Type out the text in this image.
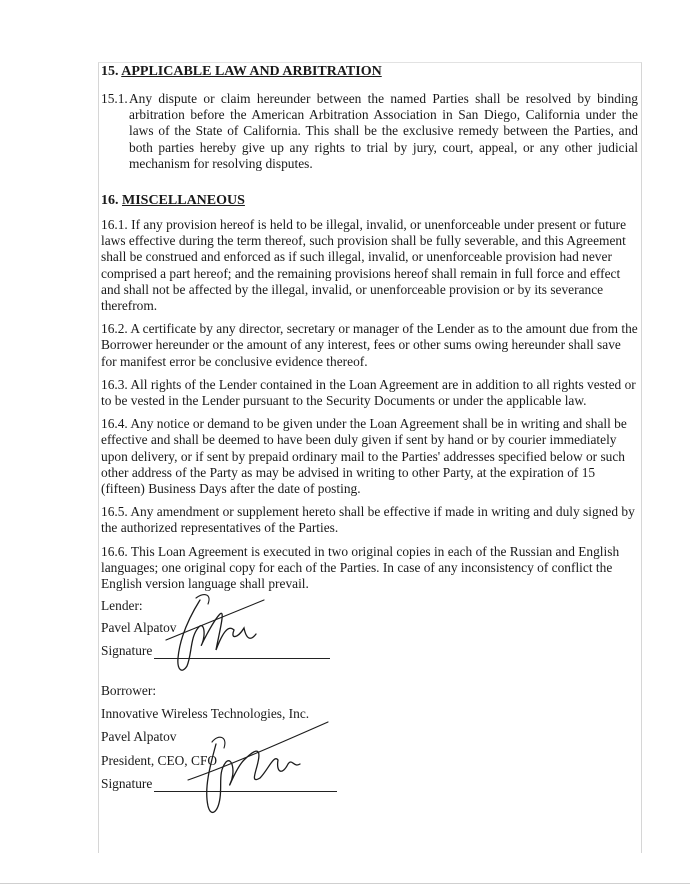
15. APPLICABLE LAW AND ARBITRATION

15.1. Any dispute or claim hereunder between the named Parties shall be resolved by binding arbitration before the American Arbitration Association in San Diego, California under the laws of the State of California. This shall be the exclusive remedy between the Parties, and both parties hereby give up any rights to trial by jury, court, appeal, or any other judicial mechanism for resolving disputes.

16. MISCELLANEOUS

16.1. If any provision hereof is held to be illegal, invalid, or unenforceable under present or future laws effective during the term thereof, such provision shall be fully severable, and this Agreement shall be construed and enforced as if such illegal, invalid, or unenforceable provision had never comprised a part hereof; and the remaining provisions hereof shall remain in full force and effect and shall not be affected by the illegal, invalid, or unenforceable provision or by its severance therefrom.

16.2. A certificate by any director, secretary or manager of the Lender as to the amount due from the Borrower hereunder or the amount of any interest, fees or other sums owing hereunder shall save for manifest error be conclusive evidence thereof.

16.3. All rights of the Lender contained in the Loan Agreement are in addition to all rights vested or to be vested in the Lender pursuant to the Security Documents or under the applicable law.

16.4. Any notice or demand to be given under the Loan Agreement shall be in writing and shall be effective and shall be deemed to have been duly given if sent by hand or by courier immediately upon delivery, or if sent by prepaid ordinary mail to the Parties' addresses specified below or such other address of the Party as may be advised in writing to other Party, at the expiration of 15 (fifteen) Business Days after the date of posting.

16.5. Any amendment or supplement hereto shall be effective if made in writing and duly signed by the authorized representatives of the Parties.

16.6. This Loan Agreement is executed in two original copies in each of the Russian and English languages; one original copy for each of the Parties. In case of any inconsistency of conflict the English version language shall prevail.

Lender:
Pavel Alpatov
Signature
Borrower:
Innovative Wireless Technologies, Inc.
Pavel Alpatov
President, CEO, CFO
Signature
